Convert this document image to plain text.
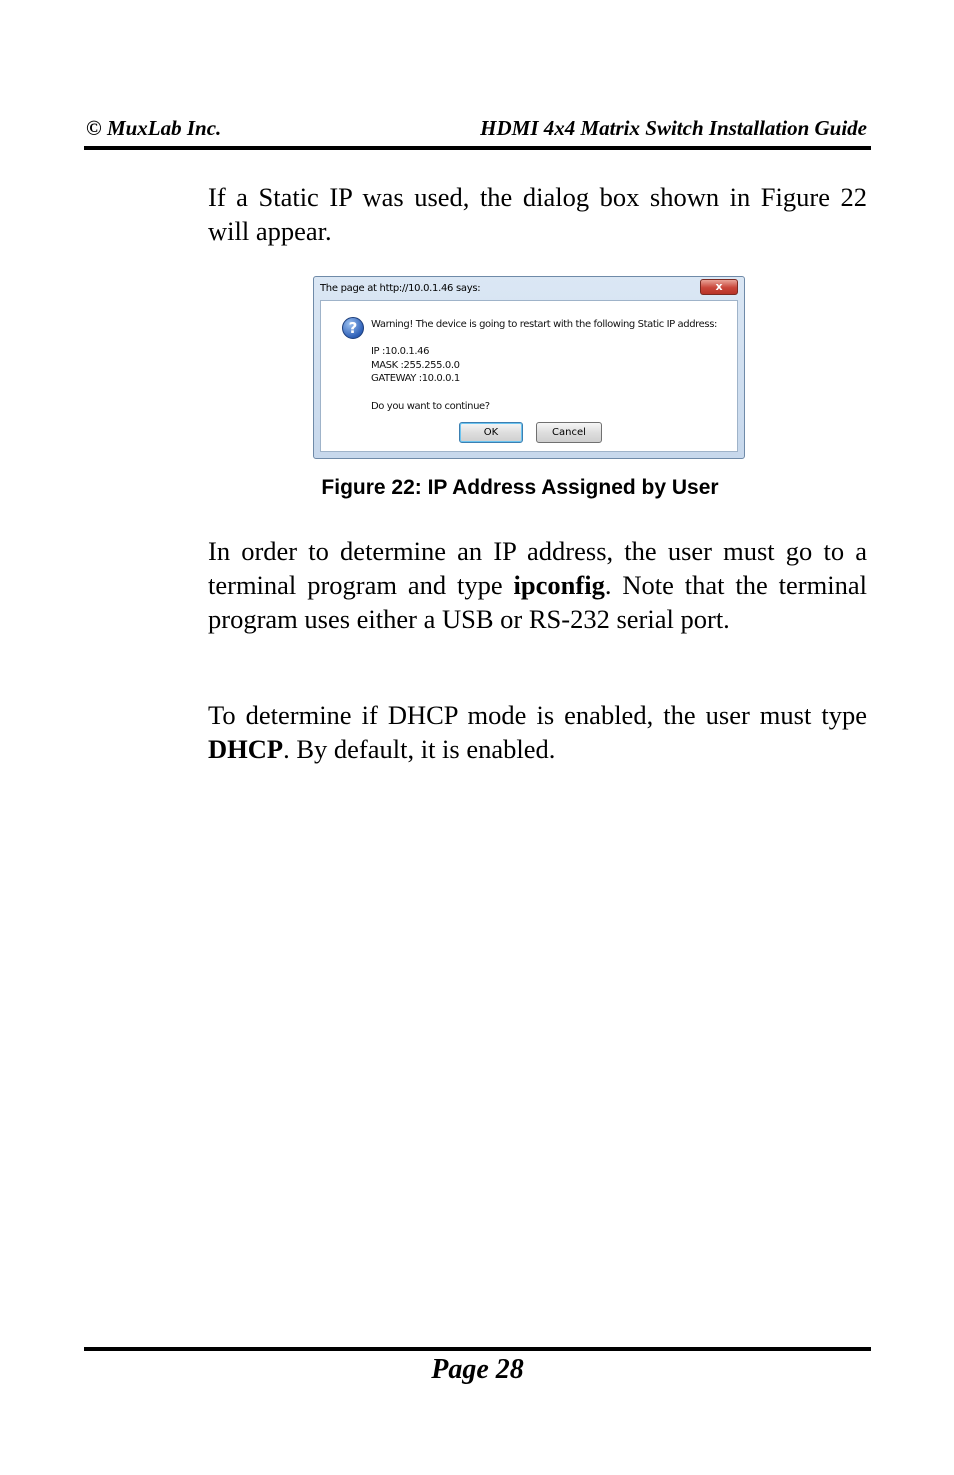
© MuxLab Inc.	HDMI 4x4 Matrix Switch Installation Guide

If a Static IP was used, the dialog box shown in Figure 22 will appear.

The page at http://10.0.1.46 says:	x
?	Warning! The device is going to restart with the following Static IP address:
IP :10.0.1.46
MASK :255.255.0.0
GATEWAY :10.0.0.1
Do you want to continue?
OK	Cancel
Figure 22: IP Address Assigned by User

In order to determine an IP address, the user must go to a terminal program and type ipconfig. Note that the terminal program uses either a USB or RS-232 serial port.

To determine if DHCP mode is enabled, the user must type DHCP. By default, it is enabled.

Page 28
